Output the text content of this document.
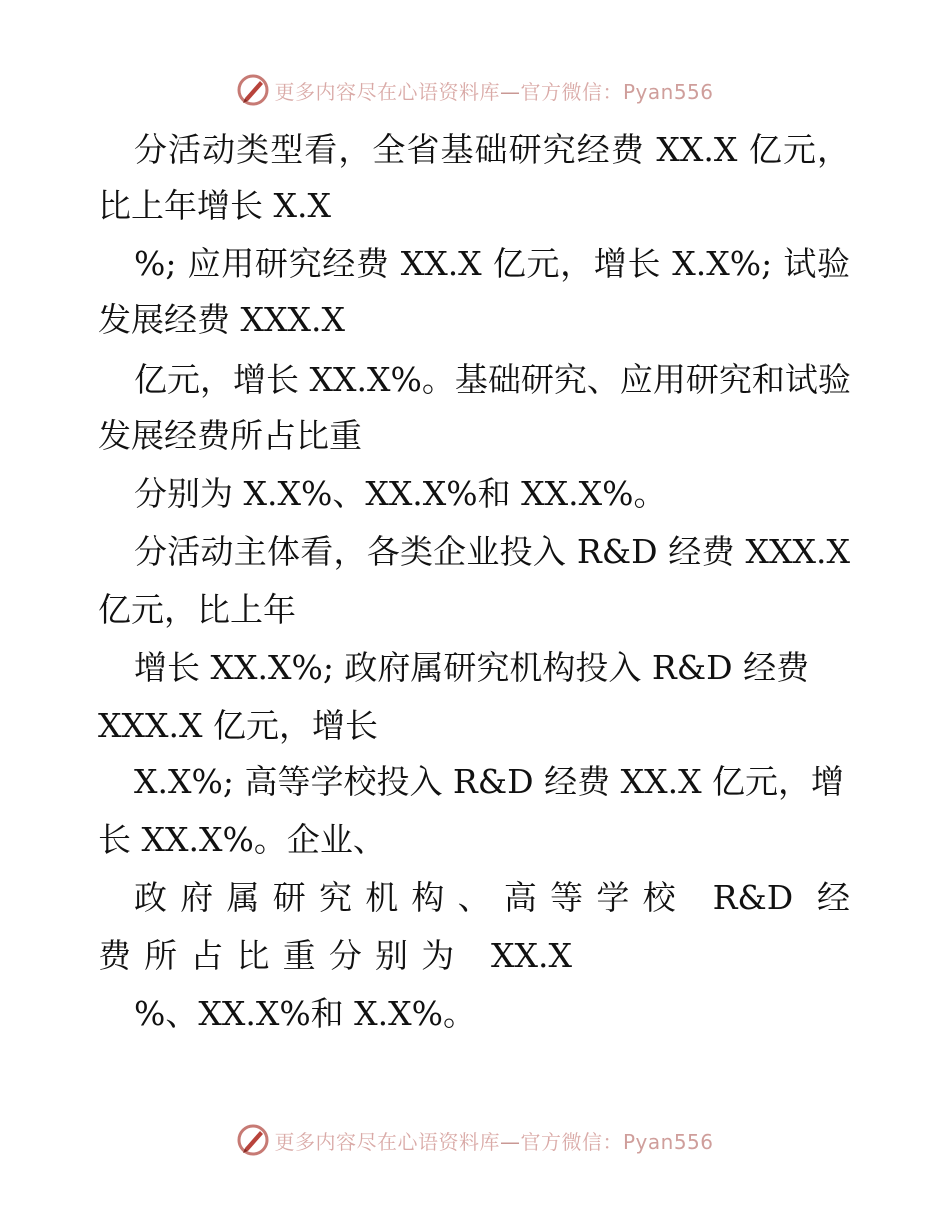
更多内容尽在心语资料库—官方微信：Pyan556
分活动类型看，全省基础研究经费 XX.X 亿元，
比上年增长 X.X
%; 应用研究经费 XX.X 亿元，增长 X.X%; 试验
发展经费 XXX.X
亿元，增长 XX.X%。基础研究、应用研究和试验
发展经费所占比重
分别为 X.X%、XX.X%和 XX.X%。
分活动主体看，各类企业投入 R&D 经费 XXX.X
亿元，比上年
增长 XX.X%; 政府属研究机构投入 R&D 经费
XXX.X 亿元，增长
X.X%; 高等学校投入 R&D 经费 XX.X 亿元，增
长 XX.X%。企业、
政府属研究机构、高等学校 R&D 经
费所占比重分别为 XX.X
%、XX.X%和 X.X%。
更多内容尽在心语资料库—官方微信：Pyan556
